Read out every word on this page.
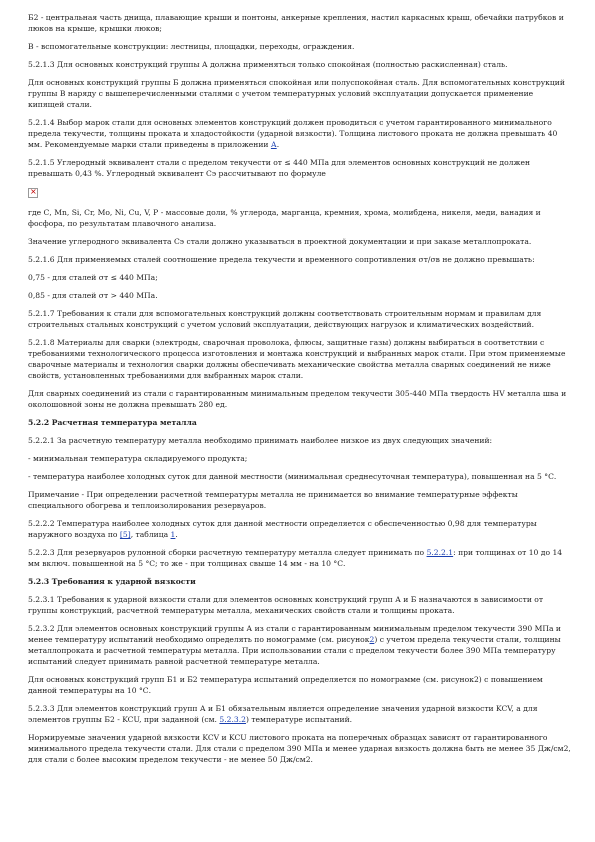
Б2 - центральная часть днища, плавающие крыши и понтоны, анкерные крепления, настил каркасных крыш, обечайки патрубков и люков на крыше, крышки люков;

В - вспомогательные конструкции: лестницы, площадки, переходы, ограждения.

5.2.1.3 Для основных конструкций группы А должна применяться только спокойная (полностью раскисленная) сталь.

Для основных конструкций группы Б должна применяться спокойная или полуспокойная сталь. Для вспомогательных конструкций группы В наряду с вышеперечисленными сталями с учетом температурных условий эксплуатации допускается применение кипящей стали.

5.2.1.4 Выбор марок стали для основных элементов конструкций должен проводиться с учетом гарантированного минимального предела текучести, толщины проката и хладостойкости (ударной вязкости). Толщина листового проката не должна превышать 40 мм. Рекомендуемые марки стали приведены в приложении А.

5.2.1.5 Углеродный эквивалент стали с пределом текучести от ≤ 440 МПа для элементов основных конструкций не должен превышать 0,43 %. Углеродный эквивалент Cэ рассчитывают по формуле

×

где С, Mn, Si, Cr, Mo, Ni, Cu, V, P - массовые доли, % углерода, марганца, кремния, хрома, молибдена, никеля, меди, ванадия и фосфора, по результатам плавочного анализа.

Значение углеродного эквивалента Cэ стали должно указываться в проектной документации и при заказе металлопроката.

5.2.1.6 Для применяемых сталей соотношение предела текучести и временного сопротивления σт/σв не должно превышать:

0,75 - для сталей σт ≤ 440 МПа;

0,85 - для сталей σт > 440 МПа.

5.2.1.7 Требования к стали для вспомогательных конструкций должны соответствовать строительным нормам и правилам для строительных стальных конструкций с учетом условий эксплуатации, действующих нагрузок и климатических воздействий.

5.2.1.8 Материалы для сварки (электроды, сварочная проволока, флюсы, защитные газы) должны выбираться в соответствии с требованиями технологического процесса изготовления и монтажа конструкций и выбранных марок стали. При этом применяемые сварочные материалы и технология сварки должны обеспечивать механические свойства металла сварных соединений не ниже свойств, установленных требованиями для выбранных марок стали.

Для сварных соединений из стали с гарантированным минимальным пределом текучести 305-440 МПа твердость HV металла шва и околошовной зоны не должна превышать 280 ед.

5.2.2 Расчетная температура металла

5.2.2.1 За расчетную температуру металла необходимо принимать наиболее низкое из двух следующих значений:

- минимальная температура складируемого продукта;

- температура наиболее холодных суток для данной местности (минимальная среднесуточная температура), повышенная на 5 °С.

Примечание - При определении расчетной температуры металла не принимается во внимание температурные эффекты специального обогрева и теплоизолирования резервуаров.

5.2.2.2 Температура наиболее холодных суток для данной местности определяется с обеспеченностью 0,98 для температуры наружного воздуха по [5], таблица 1.

5.2.2.3 Для резервуаров рулонной сборки расчетную температуру металла следует принимать по 5.2.2.1: при толщинах от 10 до 14 мм включ. повышенной на 5 °С; то же - при толщинах свыше 14 мм - на 10 °С.

5.2.3 Требования к ударной вязкости

5.2.3.1 Требования к ударной вязкости стали для элементов основных конструкций групп А и Б назначаются в зависимости от группы конструкций, расчетной температуры металла, механических свойств стали и толщины проката.

5.2.3.2 Для элементов основных конструкций группы А из стали с гарантированным минимальным пределом текучести 390 МПа и менее температуру испытаний необходимо определять по номограмме (см. рисунок2) с учетом предела текучести стали, толщины металлопроката и расчетной температуры металла. При использовании стали с пределом текучести более 390 МПа температуру испытаний следует принимать равной расчетной температуре металла.

Для основных конструкций групп Б1 и Б2 температура испытаний определяется по номограмме (см. рисунок2) с повышением данной температуры на 10 °С.

5.2.3.3 Для элементов конструкций групп А и Б1 обязательным является определение значения ударной вязкости KCV, а для элементов группы Б2 - KCU, при заданной (см. 5.2.3.2) температуре испытаний.

Нормируемые значения ударной вязкости KCV и KCU листового проката на поперечных образцах зависят от гарантированного минимального предела текучести стали. Для стали с пределом 390 МПа и менее ударная вязкость должна быть не менее 35 Дж/см2, для стали с более высоким пределом текучести - не менее 50 Дж/см2.
